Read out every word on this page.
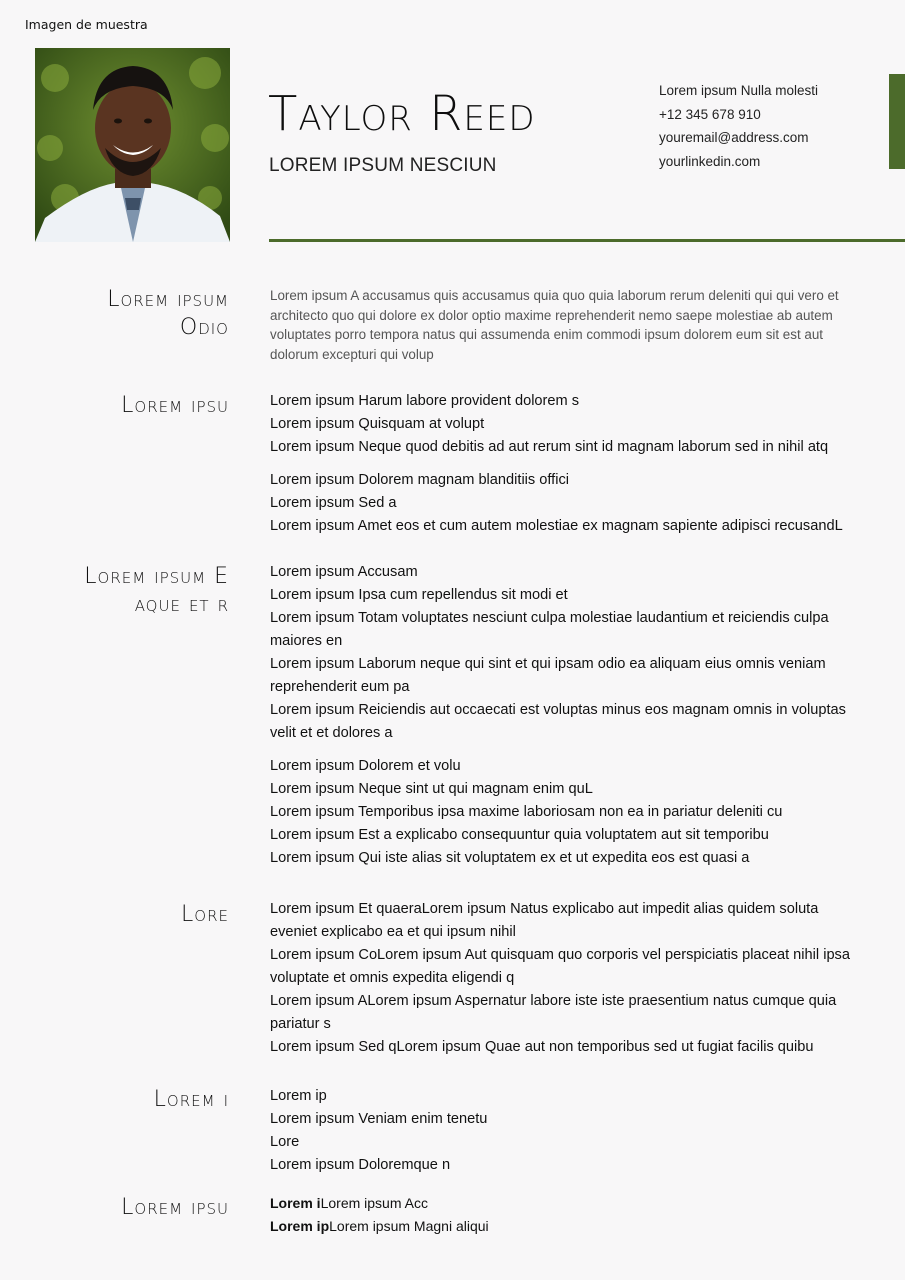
Imagen de muestra
Taylor Reed
LOREM IPSUM NESCIUN
Lorem ipsum Nulla molesti
+12 345 678 910
youremail@address.com
yourlinkedin.com
Lorem ipsum
Odio
Lorem ipsum A accusamus quis accusamus quia quo quia laborum rerum deleniti qui qui vero et architecto quo qui dolore ex dolor optio maxime reprehenderit nemo saepe molestiae ab autem voluptates porro tempora natus qui assumenda enim commodi ipsum dolorem eum sit est aut dolorum excepturi qui volup
Lorem ipsu	Lorem ipsum Harum labore provident dolorem s
Lorem ipsum Quisquam at volupt
Lorem ipsum Neque quod debitis ad aut rerum sint id magnam laborum sed in nihil atq
Lorem ipsum Dolorem magnam blanditiis offici
Lorem ipsum Sed a
Lorem ipsum Amet eos et cum autem molestiae ex magnam sapiente adipisci recusandL
Lorem ipsum E
aque et r
Lorem ipsum Accusam
Lorem ipsum Ipsa cum repellendus sit modi et
Lorem ipsum Totam voluptates nesciunt culpa molestiae laudantium et reiciendis culpa maiores en
Lorem ipsum Laborum neque qui sint et qui ipsam odio ea aliquam eius omnis veniam reprehenderit eum pa
Lorem ipsum Reiciendis aut occaecati est voluptas minus eos magnam omnis in voluptas velit et et dolores a
Lorem ipsum Dolorem et volu
Lorem ipsum Neque sint ut qui magnam enim quL
Lorem ipsum Temporibus ipsa maxime laboriosam non ea in pariatur deleniti cu
Lorem ipsum Est a explicabo consequuntur quia voluptatem aut sit temporibu
Lorem ipsum Qui iste alias sit voluptatem ex et ut expedita eos est quasi a
Lore	Lorem ipsum Et quaeraLorem ipsum Natus explicabo aut impedit alias quidem soluta eveniet explicabo ea et qui ipsum nihil
Lorem ipsum CoLorem ipsum Aut quisquam quo corporis vel perspiciatis placeat nihil ipsa voluptate et omnis expedita eligendi q
Lorem ipsum ALorem ipsum Aspernatur labore iste iste praesentium natus cumque quia pariatur s
Lorem ipsum Sed qLorem ipsum Quae aut non temporibus sed ut fugiat facilis quibu
Lorem i	Lorem ip
Lorem ipsum Veniam enim tenetu
Lore
Lorem ipsum Doloremque n
Lorem ipsu	Lorem iLorem ipsum Acc
Lorem ipLorem ipsum Magni aliqui
